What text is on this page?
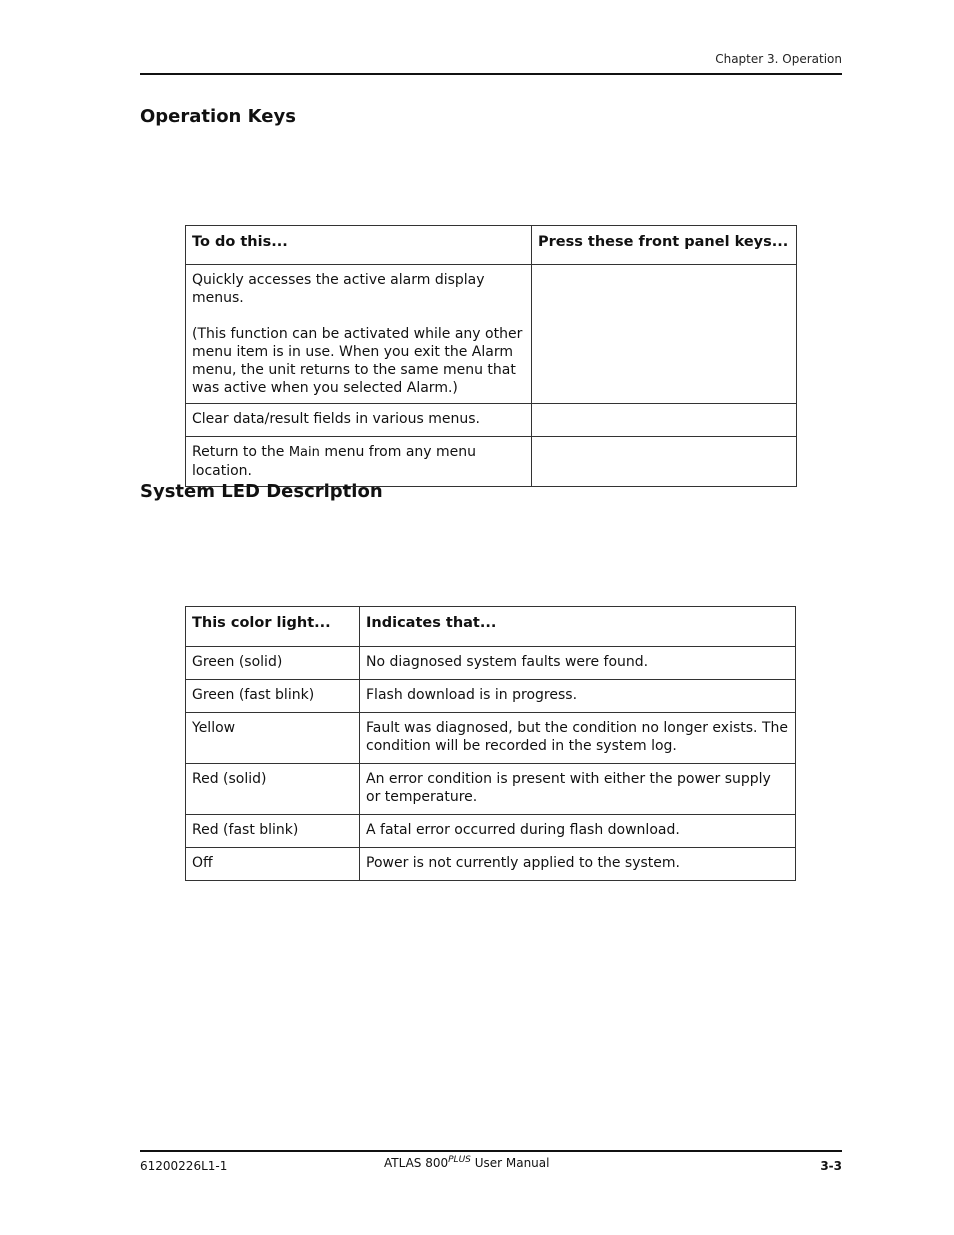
Chapter 3. Operation
Operation Keys
To do this...	Press these front panel keys...

Quickly accesses the active alarm display menus.
(This function can be activated while any other menu item is in use. When you exit the Alarm menu, the unit returns to the same menu that was active when you selected Alarm.)	

Clear data/result fields in various menus.	
Return to the Main menu from any menu location.	
System LED Description
This color light...	Indicates that...
Green (solid)	No diagnosed system faults were found.
Green (fast blink)	Flash download is in progress.
Yellow	Fault was diagnosed, but the condition no longer exists. The condition will be recorded in the system log.
Red (solid)	An error condition is present with either the power supply or temperature.
Red (fast blink)	A fatal error occurred during flash download.
Off	Power is not currently applied to the system.
61200226L1-1	ATLAS $800^{PLUS}$ User Manual	3-3
